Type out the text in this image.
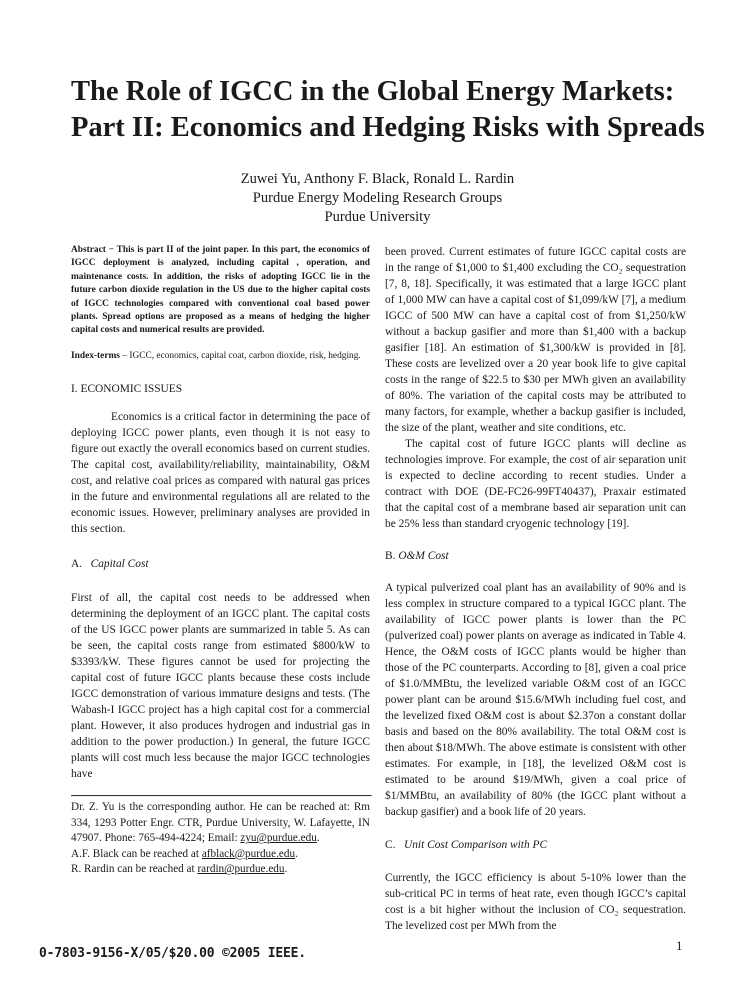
The Role of IGCC in the Global Energy Markets:
Part II: Economics and Hedging Risks with Spreads
Zuwei Yu, Anthony F. Black, Ronald L. Rardin
Purdue Energy Modeling Research Groups
Purdue University

Abstract − This is part II of the joint paper. In this part, the economics of IGCC deployment is analyzed, including capital , operation, and maintenance costs. In addition, the risks of adopting IGCC lie in the future carbon dioxide regulation in the US due to the higher capital costs of IGCC technologies compared with conventional coal based power plants. Spread options are proposed as a means of hedging the higher capital costs and numerical results are provided.

Index-terms – IGCC, economics, capital coat, carbon dioxide, risk, hedging.

I. ECONOMIC ISSUES

Economics is a critical factor in determining the pace of deploying IGCC power plants, even though it is not easy to figure out exactly the overall economics based on current studies. The capital cost, availability/reliability, maintainability, O&M cost, and relative coal prices as compared with natural gas prices in the future and environmental regulations all are related to the economic issues. However, preliminary analyses are provided in this section.

A. Capital Cost

First of all, the capital cost needs to be addressed when determining the deployment of an IGCC plant. The capital costs of the US IGCC power plants are summarized in table 5. As can be seen, the capital costs range from estimated $800/kW to $3393/kW. These figures cannot be used for projecting the capital cost of future IGCC plants because these costs include IGCC demonstration of various immature designs and tests. (The Wabash-I IGCC project has a high capital cost for a commercial plant. However, it also produces hydrogen and industrial gas in addition to the power production.) In general, the future IGCC plants will cost much less because the major IGCC technologies have

Dr. Z. Yu is the corresponding author. He can be reached at: Rm 334, 1293 Potter Engr. CTR, Purdue University, W. Lafayette, IN 47907. Phone: 765-494-4224; Email: zyu@purdue.edu.

A.F. Black can be reached at afblack@purdue.edu.
R. Rardin can be reached at rardin@purdue.edu.

been proved. Current estimates of future IGCC capital costs are in the range of $1,000 to $1,400 excluding the CO₂ sequestration [7, 8, 18]. Specifically, it was estimated that a large IGCC plant of 1,000 MW can have a capital cost of $1,099/kW [7], a medium IGCC of 500 MW can have a capital cost of from $1,250/kW without a backup gasifier and more than $1,400 with a backup gasifier [18]. An estimation of $1,300/kW is provided in [8]. These costs are levelized over a 20 year book life to give capital costs in the range of $22.5 to $30 per MWh given an availability of 80%. The variation of the capital costs may be attributed to many factors, for example, whether a backup gasifier is included, the size of the plant, weather and site conditions, etc.

The capital cost of future IGCC plants will decline as technologies improve. For example, the cost of air separation unit is expected to decline according to recent studies. Under a contract with DOE (DE-FC26-99FT40437), Praxair estimated that the capital cost of a membrane based air separation unit can be 25% less than standard cryogenic technology [19].

B. O&M Cost

A typical pulverized coal plant has an availability of 90% and is less complex in structure compared to a typical IGCC plant. The availability of IGCC power plants is lower than the PC (pulverized coal) power plants on average as indicated in Table 4. Hence, the O&M costs of IGCC plants would be higher than those of the PC counterparts. According to [8], given a coal price of $1.0/MMBtu, the levelized variable O&M cost of an IGCC power plant can be around $15.6/MWh including fuel cost, and the levelized fixed O&M cost is about $2.37on a constant dollar basis and based on the 80% availability. The total O&M cost is then about $18/MWh. The above estimate is consistent with other estimates. For example, in [18], the levelized O&M cost is estimated to be around $19/MWh, given a coal price of $1/MMBtu, an availability of 80% (the IGCC plant without a backup gasifier) and a book life of 20 years.

C. Unit Cost Comparison with PC

Currently, the IGCC efficiency is about 5-10% lower than the sub-critical PC in terms of heat rate, even though IGCC’s capital cost is a bit higher without the inclusion of CO₂ sequestration. The levelized cost per MWh from the

0-7803-9156-X/05/$20.00 ©2005 IEEE.
1
